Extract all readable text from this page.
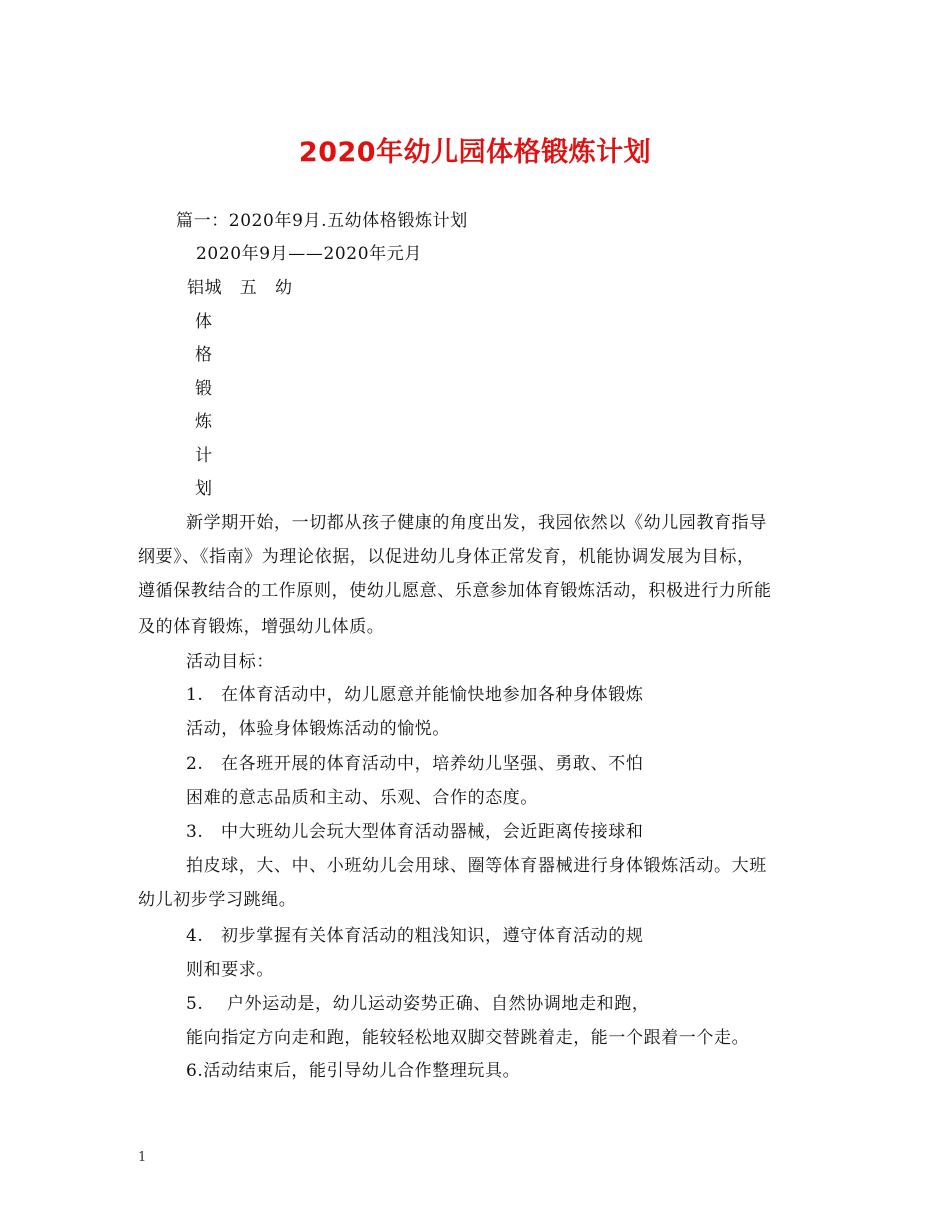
2020年幼儿园体格锻炼计划
篇一：2020年9月.五幼体格锻炼计划
2020年9月——2020年元月
铝城　五　幼
体
格
锻
炼
计
划
新学期开始，一切都从孩子健康的角度出发，我园依然以《幼儿园教育指导
纲要》、《指南》为理论依据，以促进幼儿身体正常发育，机能协调发展为目标，
遵循保教结合的工作原则，使幼儿愿意、乐意参加体育锻炼活动，积极进行力所能
及的体育锻炼，增强幼儿体质。
活动目标：
1.　在体育活动中，幼儿愿意并能愉快地参加各种身体锻炼
活动，体验身体锻炼活动的愉悦。
2.　在各班开展的体育活动中，培养幼儿坚强、勇敢、不怕
困难的意志品质和主动、乐观、合作的态度。
3.　中大班幼儿会玩大型体育活动器械，会近距离传接球和
拍皮球，大、中、小班幼儿会用球、圈等体育器械进行身体锻炼活动。大班
幼儿初步学习跳绳。
4.　初步掌握有关体育活动的粗浅知识，遵守体育活动的规
则和要求。
5.　 户外运动是，幼儿运动姿势正确、自然协调地走和跑，
能向指定方向走和跑，能较轻松地双脚交替跳着走，能一个跟着一个走。
6.活动结束后，能引导幼儿合作整理玩具。
1
